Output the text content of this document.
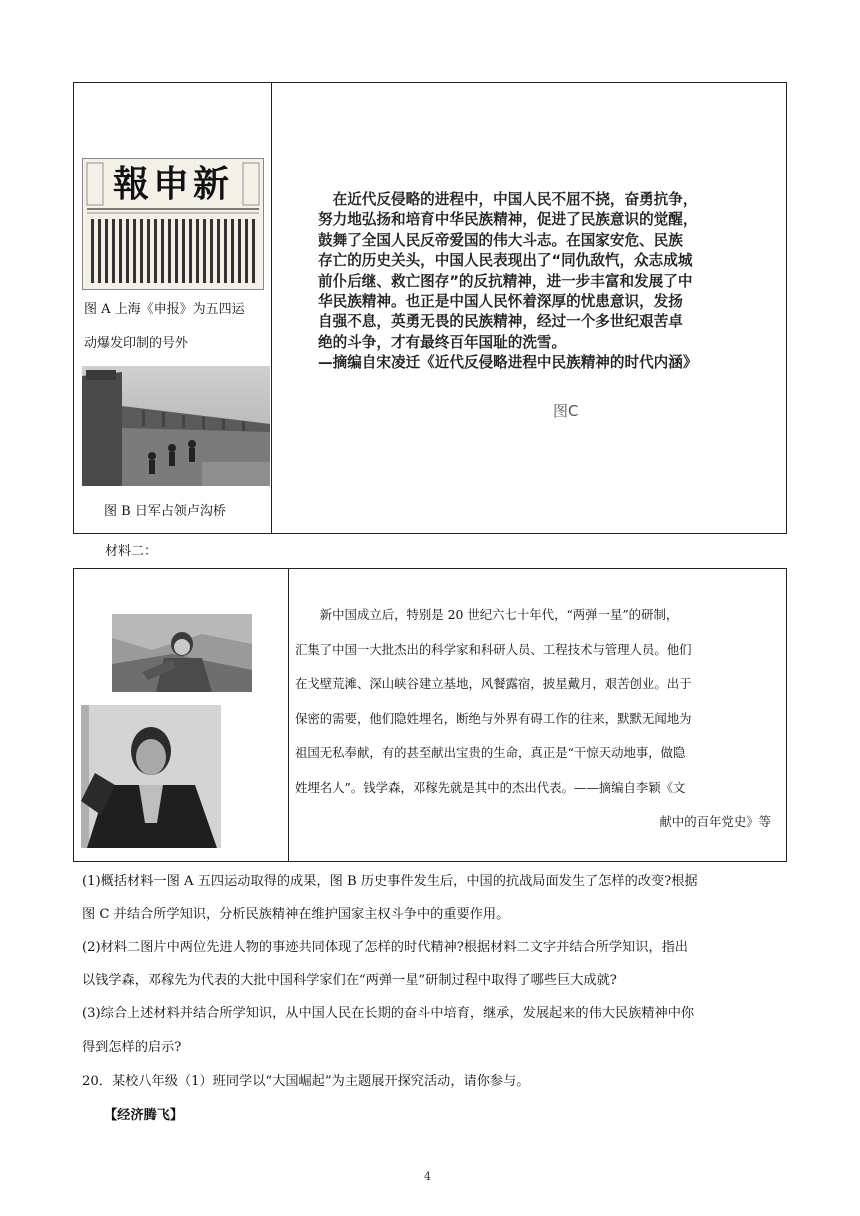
新申報
图 A 上海《申报》为五四运
动爆发印制的号外
图 B 日军占领卢沟桥
　在近代反侵略的进程中，中国人民不屈不挠，奋勇抗争，
努力地弘扬和培育中华民族精神，促进了民族意识的觉醒，
鼓舞了全国人民反帝爱国的伟大斗志。在国家安危、民族
存亡的历史关头，中国人民表现出了“同仇敌忾，众志成城
前仆后继、救亡图存”的反抗精神，进一步丰富和发展了中
华民族精神。也正是中国人民怀着深厚的忧患意识，发扬
自强不息，英勇无畏的民族精神，经过一个多世纪艰苦卓
绝的斗争，才有最终百年国耻的洗雪。
—摘编自宋凌迁《近代反侵略进程中民族精神的时代内涵》
图C
材料二：
　　新中国成立后，特别是 20 世纪六七十年代，“两弹一星”的研制，
汇集了中国一大批杰出的科学家和科研人员、工程技术与管理人员。他们
在戈壁荒滩、深山峡谷建立基地，风餐露宿，披星戴月，艰苦创业。出于
保密的需要，他们隐姓埋名，断绝与外界有碍工作的往来，默默无闻地为
祖国无私奉献，有的甚至献出宝贵的生命，真正是“干惊天动地事，做隐
姓埋名人”。钱学森，邓稼先就是其中的杰出代表。——摘编自李颖《文
献中的百年党史》等
(1)概括材料一图 A 五四运动取得的成果，图 B 历史事件发生后，中国的抗战局面发生了怎样的改变?根据
图 C 并结合所学知识，分析民族精神在维护国家主权斗争中的重要作用。
(2)材料二图片中两位先进人物的事迹共同体现了怎样的时代精神?根据材料二文字并结合所学知识，指出
以钱学森，邓稼先为代表的大批中国科学家们在“两弹一星”研制过程中取得了哪些巨大成就?
(3)综合上述材料并结合所学知识，从中国人民在长期的奋斗中培育，继承，发展起来的伟大民族精神中你
得到怎样的启示?
20．某校八年级（1）班同学以“大国崛起”为主题展开探究活动，请你参与。
【经济腾飞】
4
